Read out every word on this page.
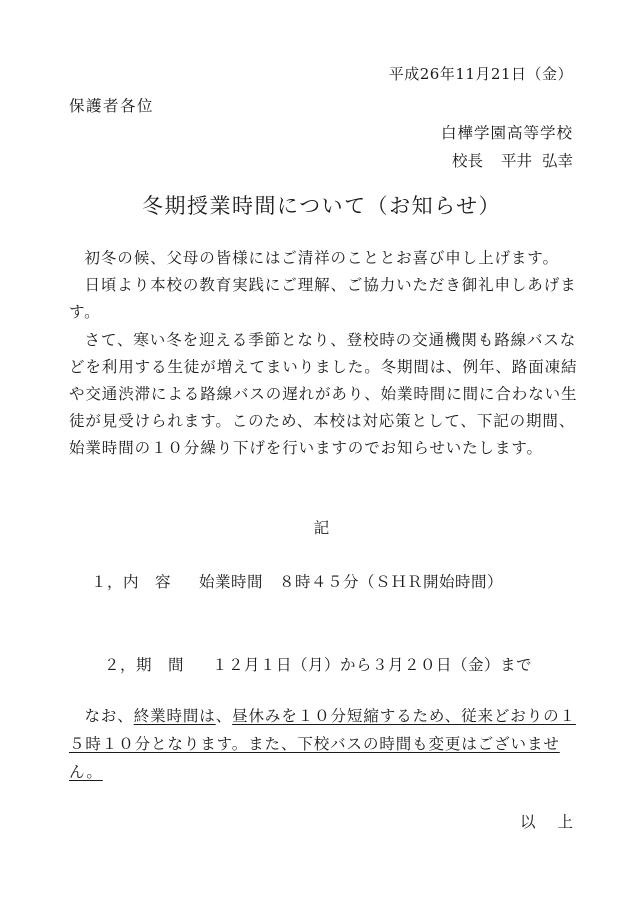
平成26年11月21日（金）
保護者各位
白樺学園高等学校
校長 平井 弘幸
冬期授業時間について（お知らせ）

初冬の候、父母の皆様にはご清祥のこととお喜び申し上げます。

日頃より本校の教育実践にご理解、ご協力いただき御礼申しあげます。

さて、寒い冬を迎える季節となり、登校時の交通機関も路線バスなどを利用する生徒が増えてまいりました。冬期間は、例年、路面凍結や交通渋滞による路線バスの遅れがあり、始業時間に間に合わない生徒が見受けられます。このため、本校は対応策として、下記の期間、始業時間の１０分繰り下げを行いますのでお知らせいたします。

記
１，内　容 始業時間　８時４５分（ＳＨＲ開始時間）
２，期　間 １２月１日（月）から３月２０日（金）まで

なお、終業時間は、昼休みを１０分短縮するため、従来どおりの１５時１０分となります。また、下校バスの時間も変更はございません。

以 上
